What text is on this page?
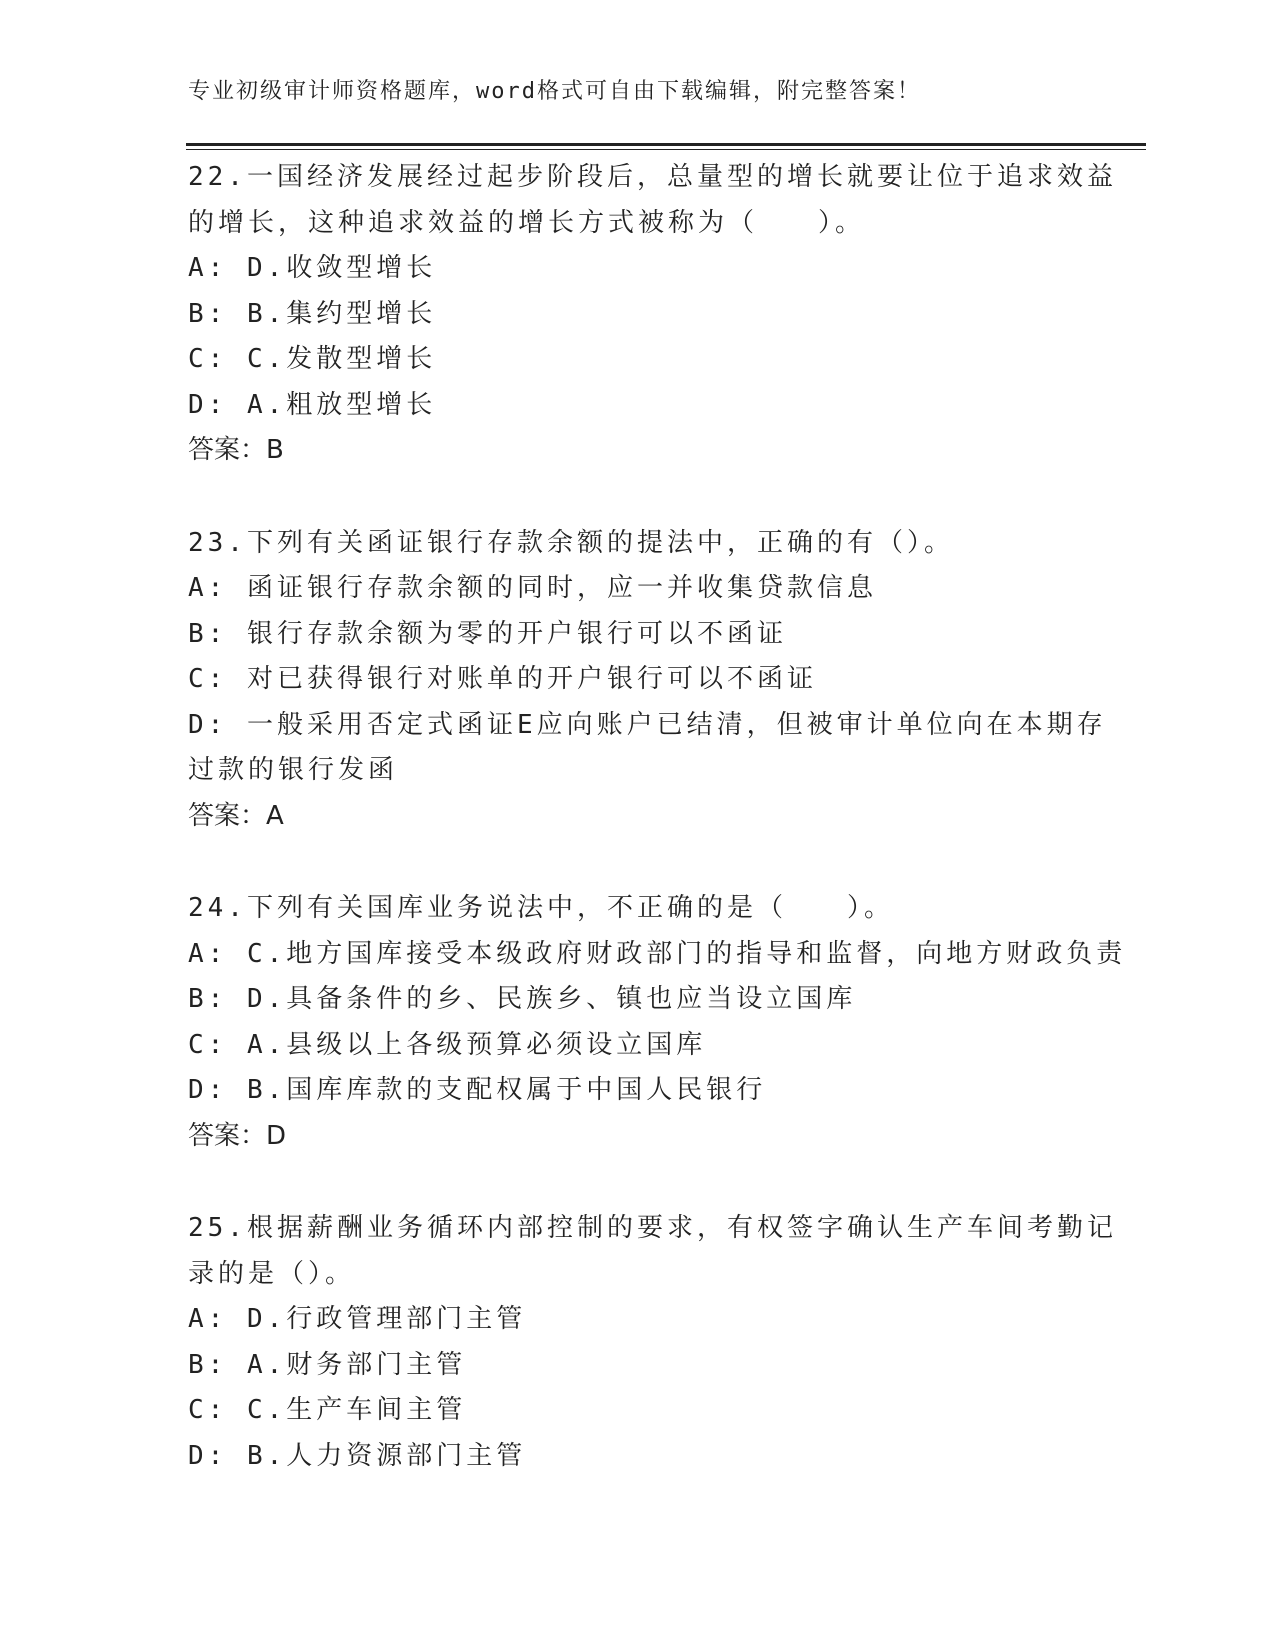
专业初级审计师资格题库，word格式可自由下载编辑，附完整答案！
22.一国经济发展经过起步阶段后，总量型的增长就要让位于追求效益
的增长，这种追求效益的增长方式被称为（　　）。
A: D.收敛型增长
B: B.集约型增长
C: C.发散型增长
D: A.粗放型增长
答案：B
23.下列有关函证银行存款余额的提法中，正确的有（）。
A: 函证银行存款余额的同时，应一并收集贷款信息
B: 银行存款余额为零的开户银行可以不函证
C: 对已获得银行对账单的开户银行可以不函证
D: 一般采用否定式函证E应向账户已结清，但被审计单位向在本期存
过款的银行发函
答案：A
24.下列有关国库业务说法中，不正确的是（　　）。
A: C.地方国库接受本级政府财政部门的指导和监督，向地方财政负责
B: D.具备条件的乡、民族乡、镇也应当设立国库
C: A.县级以上各级预算必须设立国库
D: B.国库库款的支配权属于中国人民银行
答案：D
25.根据薪酬业务循环内部控制的要求，有权签字确认生产车间考勤记
录的是（）。
A: D.行政管理部门主管
B: A.财务部门主管
C: C.生产车间主管
D: B.人力资源部门主管
